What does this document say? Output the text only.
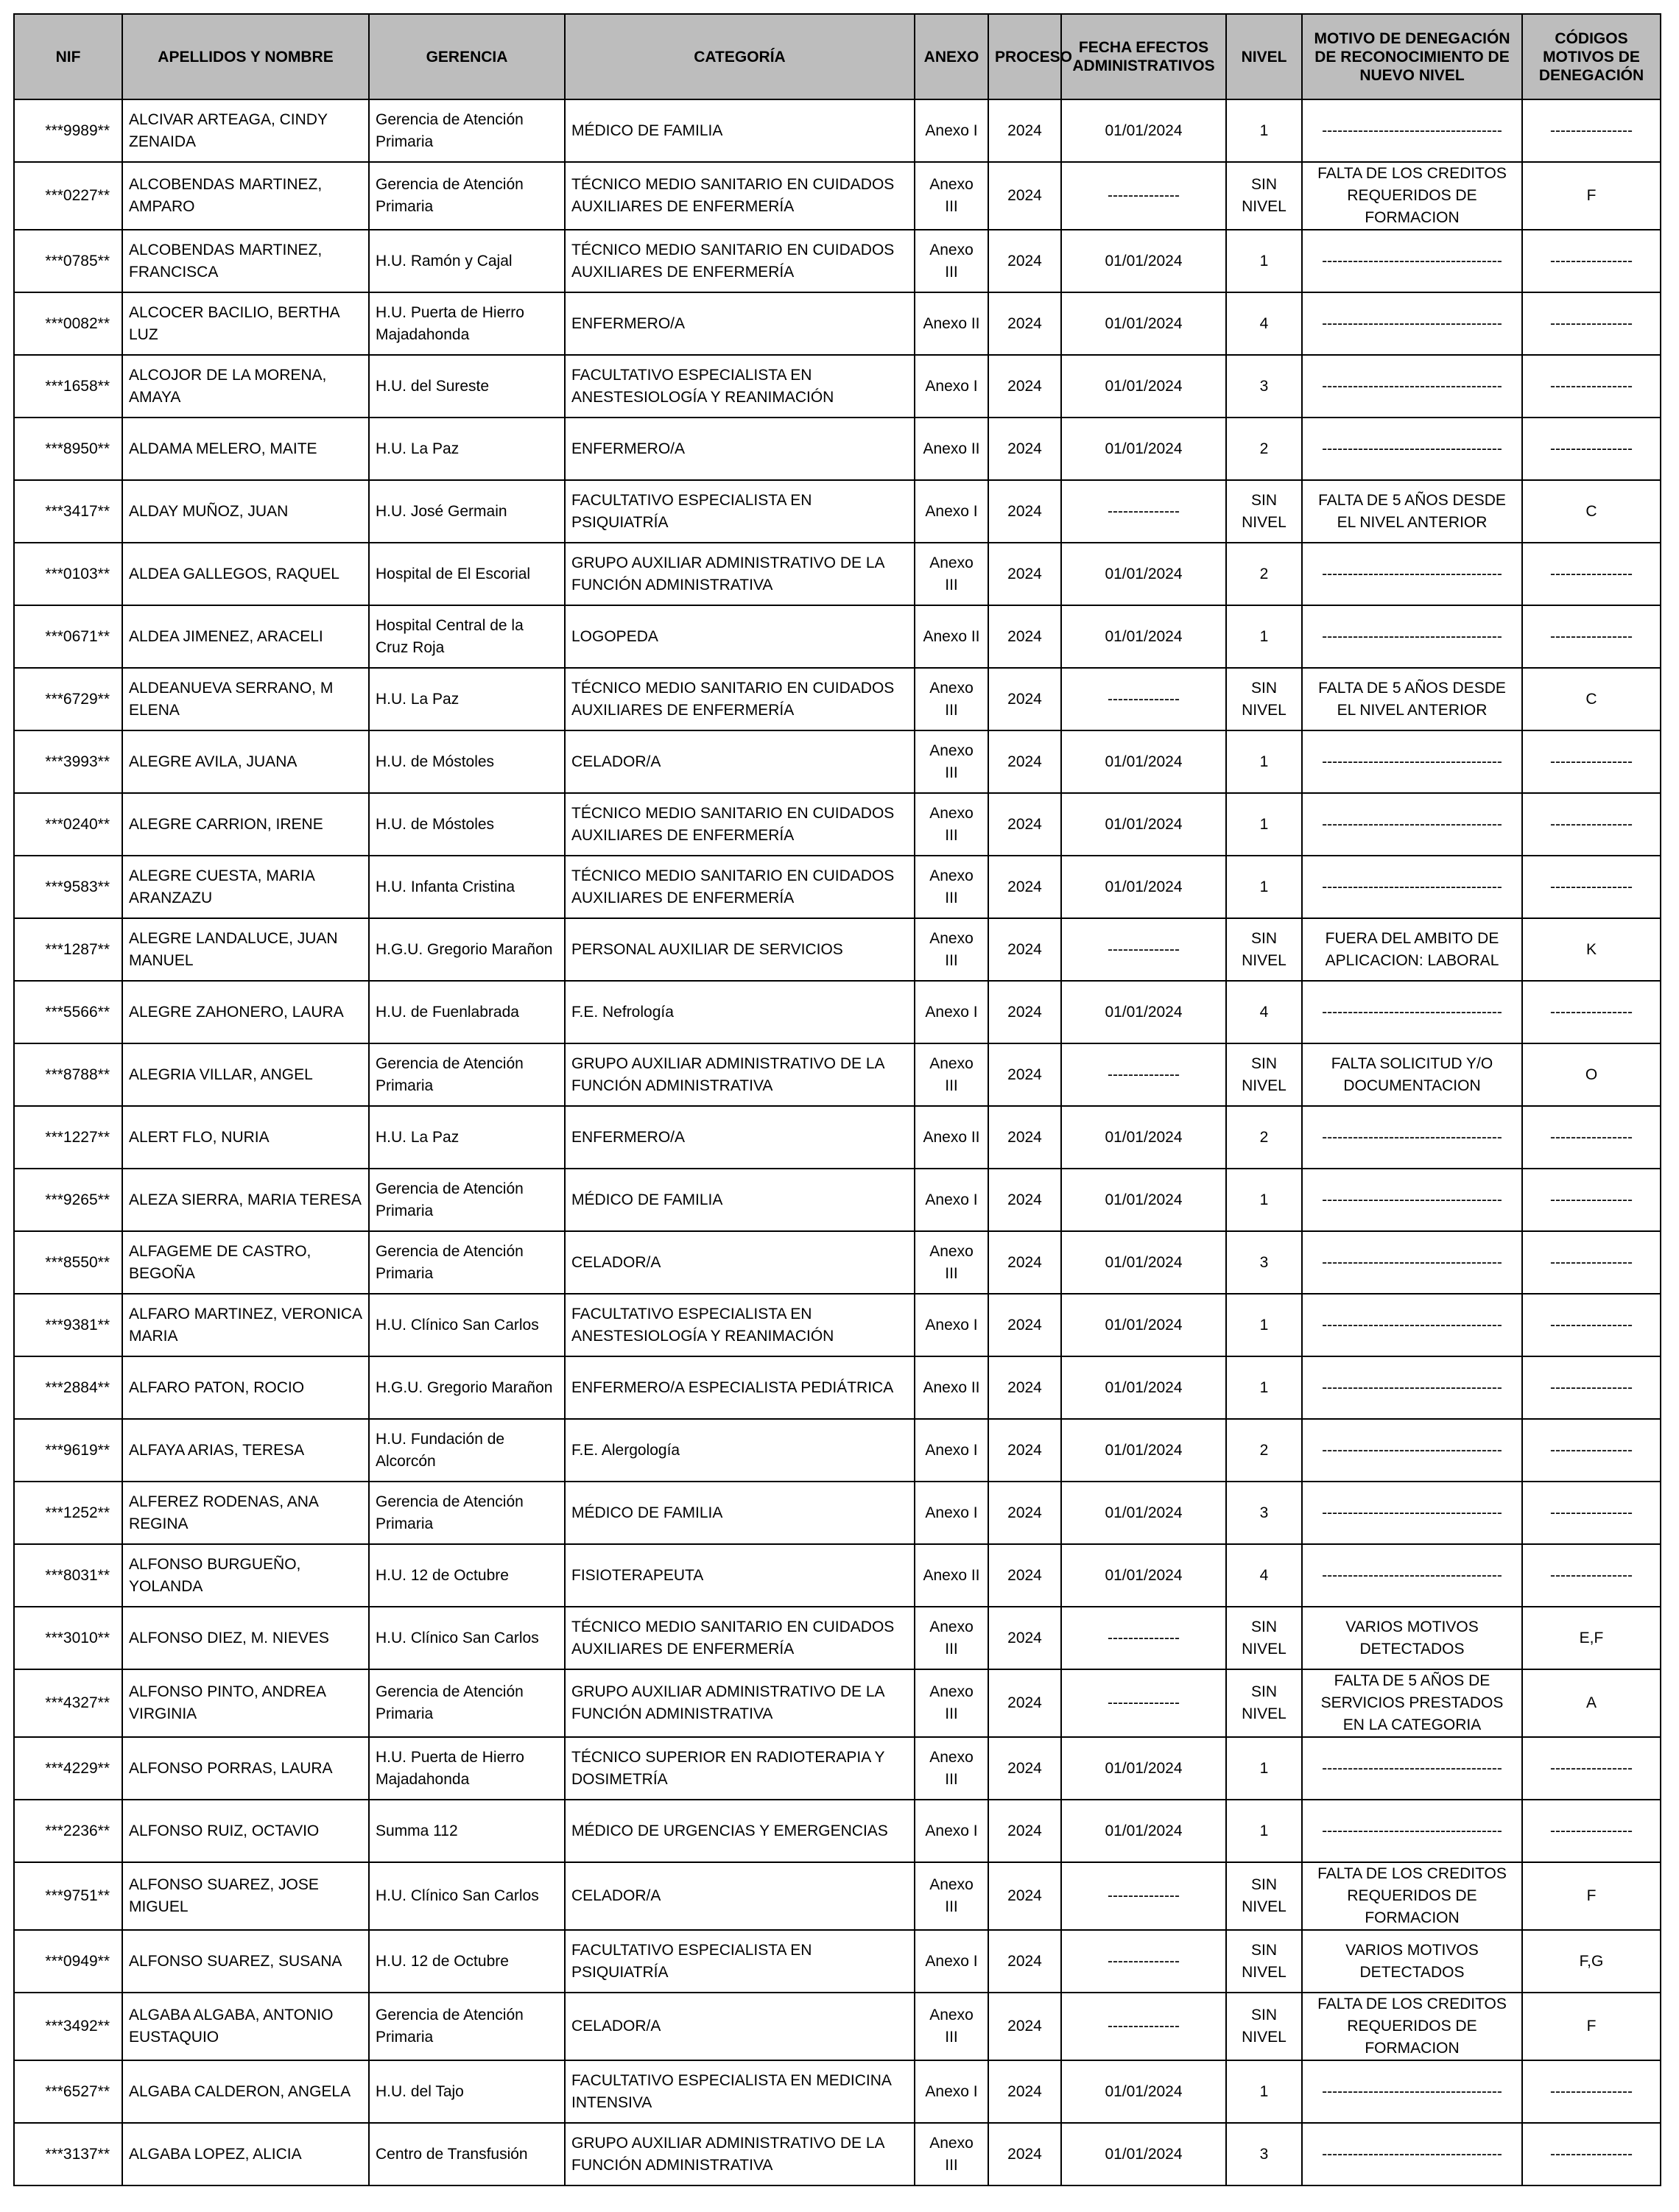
NIF	APELLIDOS Y NOMBRE	GERENCIA	CATEGORÍA	ANEXO	PROCESO	FECHA EFECTOS ADMINISTRATIVOS	NIVEL	MOTIVO DE DENEGACIÓN DE RECONOCIMIENTO DE NUEVO NIVEL	CÓDIGOS MOTIVOS DE DENEGACIÓN
***9989**	ALCIVAR ARTEAGA, CINDY ZENAIDA	Gerencia de Atención Primaria	MÉDICO DE FAMILIA	Anexo I	2024	01/01/2024	1	-----------------------------------	----------------
***0227**	ALCOBENDAS MARTINEZ, AMPARO	Gerencia de Atención Primaria	TÉCNICO MEDIO SANITARIO EN CUIDADOS AUXILIARES DE ENFERMERÍA	Anexo III	2024	--------------	SIN NIVEL	FALTA DE LOS CREDITOS REQUERIDOS DE FORMACION	F
***0785**	ALCOBENDAS MARTINEZ, FRANCISCA	H.U. Ramón y Cajal	TÉCNICO MEDIO SANITARIO EN CUIDADOS AUXILIARES DE ENFERMERÍA	Anexo III	2024	01/01/2024	1	-----------------------------------	----------------
***0082**	ALCOCER BACILIO, BERTHA LUZ	H.U. Puerta de Hierro Majadahonda	ENFERMERO/A	Anexo II	2024	01/01/2024	4	-----------------------------------	----------------
***1658**	ALCOJOR DE LA MORENA, AMAYA	H.U. del Sureste	FACULTATIVO ESPECIALISTA EN ANESTESIOLOGÍA Y REANIMACIÓN	Anexo I	2024	01/01/2024	3	-----------------------------------	----------------
***8950**	ALDAMA MELERO, MAITE	H.U. La Paz	ENFERMERO/A	Anexo II	2024	01/01/2024	2	-----------------------------------	----------------
***3417**	ALDAY MUÑOZ, JUAN	H.U. José Germain	FACULTATIVO ESPECIALISTA EN PSIQUIATRÍA	Anexo I	2024	--------------	SIN NIVEL	FALTA DE 5 AÑOS DESDE EL NIVEL ANTERIOR	C
***0103**	ALDEA GALLEGOS, RAQUEL	Hospital de El Escorial	GRUPO AUXILIAR ADMINISTRATIVO DE LA FUNCIÓN ADMINISTRATIVA	Anexo III	2024	01/01/2024	2	-----------------------------------	----------------
***0671**	ALDEA JIMENEZ, ARACELI	Hospital Central de la Cruz Roja	LOGOPEDA	Anexo II	2024	01/01/2024	1	-----------------------------------	----------------
***6729**	ALDEANUEVA SERRANO, M ELENA	H.U. La Paz	TÉCNICO MEDIO SANITARIO EN CUIDADOS AUXILIARES DE ENFERMERÍA	Anexo III	2024	--------------	SIN NIVEL	FALTA DE 5 AÑOS DESDE EL NIVEL ANTERIOR	C
***3993**	ALEGRE AVILA, JUANA	H.U. de Móstoles	CELADOR/A	Anexo III	2024	01/01/2024	1	-----------------------------------	----------------
***0240**	ALEGRE CARRION, IRENE	H.U. de Móstoles	TÉCNICO MEDIO SANITARIO EN CUIDADOS AUXILIARES DE ENFERMERÍA	Anexo III	2024	01/01/2024	1	-----------------------------------	----------------
***9583**	ALEGRE CUESTA, MARIA ARANZAZU	H.U. Infanta Cristina	TÉCNICO MEDIO SANITARIO EN CUIDADOS AUXILIARES DE ENFERMERÍA	Anexo III	2024	01/01/2024	1	-----------------------------------	----------------
***1287**	ALEGRE LANDALUCE, JUAN MANUEL	H.G.U. Gregorio Marañon	PERSONAL AUXILIAR DE SERVICIOS	Anexo III	2024	--------------	SIN NIVEL	FUERA DEL AMBITO DE APLICACION: LABORAL	K
***5566**	ALEGRE ZAHONERO, LAURA	H.U. de Fuenlabrada	F.E. Nefrología	Anexo I	2024	01/01/2024	4	-----------------------------------	----------------
***8788**	ALEGRIA VILLAR, ANGEL	Gerencia de Atención Primaria	GRUPO AUXILIAR ADMINISTRATIVO DE LA FUNCIÓN ADMINISTRATIVA	Anexo III	2024	--------------	SIN NIVEL	FALTA SOLICITUD Y/O DOCUMENTACION	O
***1227**	ALERT FLO, NURIA	H.U. La Paz	ENFERMERO/A	Anexo II	2024	01/01/2024	2	-----------------------------------	----------------
***9265**	ALEZA SIERRA, MARIA TERESA	Gerencia de Atención Primaria	MÉDICO DE FAMILIA	Anexo I	2024	01/01/2024	1	-----------------------------------	----------------
***8550**	ALFAGEME DE CASTRO, BEGOÑA	Gerencia de Atención Primaria	CELADOR/A	Anexo III	2024	01/01/2024	3	-----------------------------------	----------------
***9381**	ALFARO MARTINEZ, VERONICA MARIA	H.U. Clínico San Carlos	FACULTATIVO ESPECIALISTA EN ANESTESIOLOGÍA Y REANIMACIÓN	Anexo I	2024	01/01/2024	1	-----------------------------------	----------------
***2884**	ALFARO PATON, ROCIO	H.G.U. Gregorio Marañon	ENFERMERO/A ESPECIALISTA PEDIÁTRICA	Anexo II	2024	01/01/2024	1	-----------------------------------	----------------
***9619**	ALFAYA ARIAS, TERESA	H.U. Fundación de Alcorcón	F.E. Alergología	Anexo I	2024	01/01/2024	2	-----------------------------------	----------------
***1252**	ALFEREZ RODENAS, ANA REGINA	Gerencia de Atención Primaria	MÉDICO DE FAMILIA	Anexo I	2024	01/01/2024	3	-----------------------------------	----------------
***8031**	ALFONSO BURGUEÑO, YOLANDA	H.U. 12 de Octubre	FISIOTERAPEUTA	Anexo II	2024	01/01/2024	4	-----------------------------------	----------------
***3010**	ALFONSO DIEZ, M. NIEVES	H.U. Clínico San Carlos	TÉCNICO MEDIO SANITARIO EN CUIDADOS AUXILIARES DE ENFERMERÍA	Anexo III	2024	--------------	SIN NIVEL	VARIOS MOTIVOS DETECTADOS	E,F
***4327**	ALFONSO PINTO, ANDREA VIRGINIA	Gerencia de Atención Primaria	GRUPO AUXILIAR ADMINISTRATIVO DE LA FUNCIÓN ADMINISTRATIVA	Anexo III	2024	--------------	SIN NIVEL	FALTA DE 5 AÑOS DE SERVICIOS PRESTADOS EN LA CATEGORIA	A
***4229**	ALFONSO PORRAS, LAURA	H.U. Puerta de Hierro Majadahonda	TÉCNICO SUPERIOR EN RADIOTERAPIA Y DOSIMETRÍA	Anexo III	2024	01/01/2024	1	-----------------------------------	----------------
***2236**	ALFONSO RUIZ, OCTAVIO	Summa 112	MÉDICO DE URGENCIAS Y EMERGENCIAS	Anexo I	2024	01/01/2024	1	-----------------------------------	----------------
***9751**	ALFONSO SUAREZ, JOSE MIGUEL	H.U. Clínico San Carlos	CELADOR/A	Anexo III	2024	--------------	SIN NIVEL	FALTA DE LOS CREDITOS REQUERIDOS DE FORMACION	F
***0949**	ALFONSO SUAREZ, SUSANA	H.U. 12 de Octubre	FACULTATIVO ESPECIALISTA EN PSIQUIATRÍA	Anexo I	2024	--------------	SIN NIVEL	VARIOS MOTIVOS DETECTADOS	F,G
***3492**	ALGABA ALGABA, ANTONIO EUSTAQUIO	Gerencia de Atención Primaria	CELADOR/A	Anexo III	2024	--------------	SIN NIVEL	FALTA DE LOS CREDITOS REQUERIDOS DE FORMACION	F
***6527**	ALGABA CALDERON, ANGELA	H.U. del Tajo	FACULTATIVO ESPECIALISTA EN MEDICINA INTENSIVA	Anexo I	2024	01/01/2024	1	-----------------------------------	----------------
***3137**	ALGABA LOPEZ, ALICIA	Centro de Transfusión	GRUPO AUXILIAR ADMINISTRATIVO DE LA FUNCIÓN ADMINISTRATIVA	Anexo III	2024	01/01/2024	3	-----------------------------------	----------------
